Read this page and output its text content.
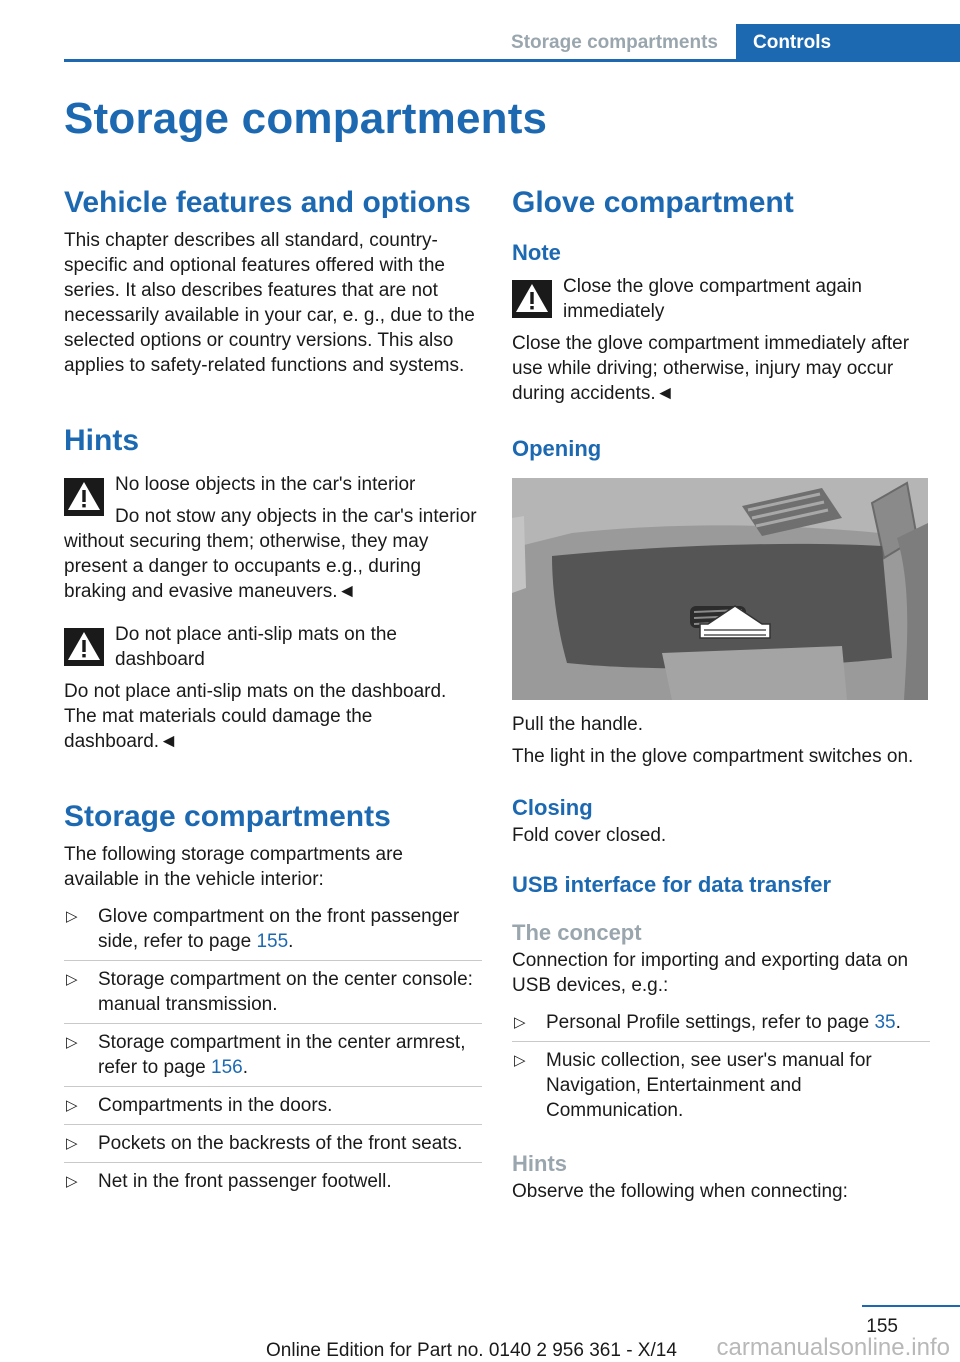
Storage compartments	Controls
Storage compartments
Vehicle features and options

This chapter describes all standard, country-specific and optional features offered with the series. It also describes features that are not necessarily available in your car, e. g., due to the selected options or country versions. This also applies to safety-related functions and systems.

Hints
No loose objects in the car's interior

Do not stow any objects in the car's interior without securing them; otherwise, they may present a danger to occupants e.g., during braking and evasive maneuvers.◄

Do not place anti-slip mats on the dashboard

Do not place anti-slip mats on the dashboard. The mat materials could damage the dashboard.◄

Storage compartments

The following storage compartments are available in the vehicle interior:

▷ Glove compartment on the front passenger side, refer to page 155.
▷ Storage compartment on the center console: manual transmission.
▷ Storage compartment in the center armrest, refer to page 156.
▷ Compartments in the doors.
▷ Pockets on the backrests of the front seats.
▷ Net in the front passenger footwell.
Glove compartment
Note
Close the glove compartment again immediately

Close the glove compartment immediately after use while driving; otherwise, injury may occur during accidents.◄

Opening

Pull the handle.

The light in the glove compartment switches on.

Closing

Fold cover closed.

USB interface for data transfer
The concept

Connection for importing and exporting data on USB devices, e.g.:

▷ Personal Profile settings, refer to page 35.
▷ Music collection, see user's manual for Navigation, Entertainment and Communication.
Hints

Observe the following when connecting:

155
Online Edition for Part no. 0140 2 956 361 - X/14 carmanualsonline.info
